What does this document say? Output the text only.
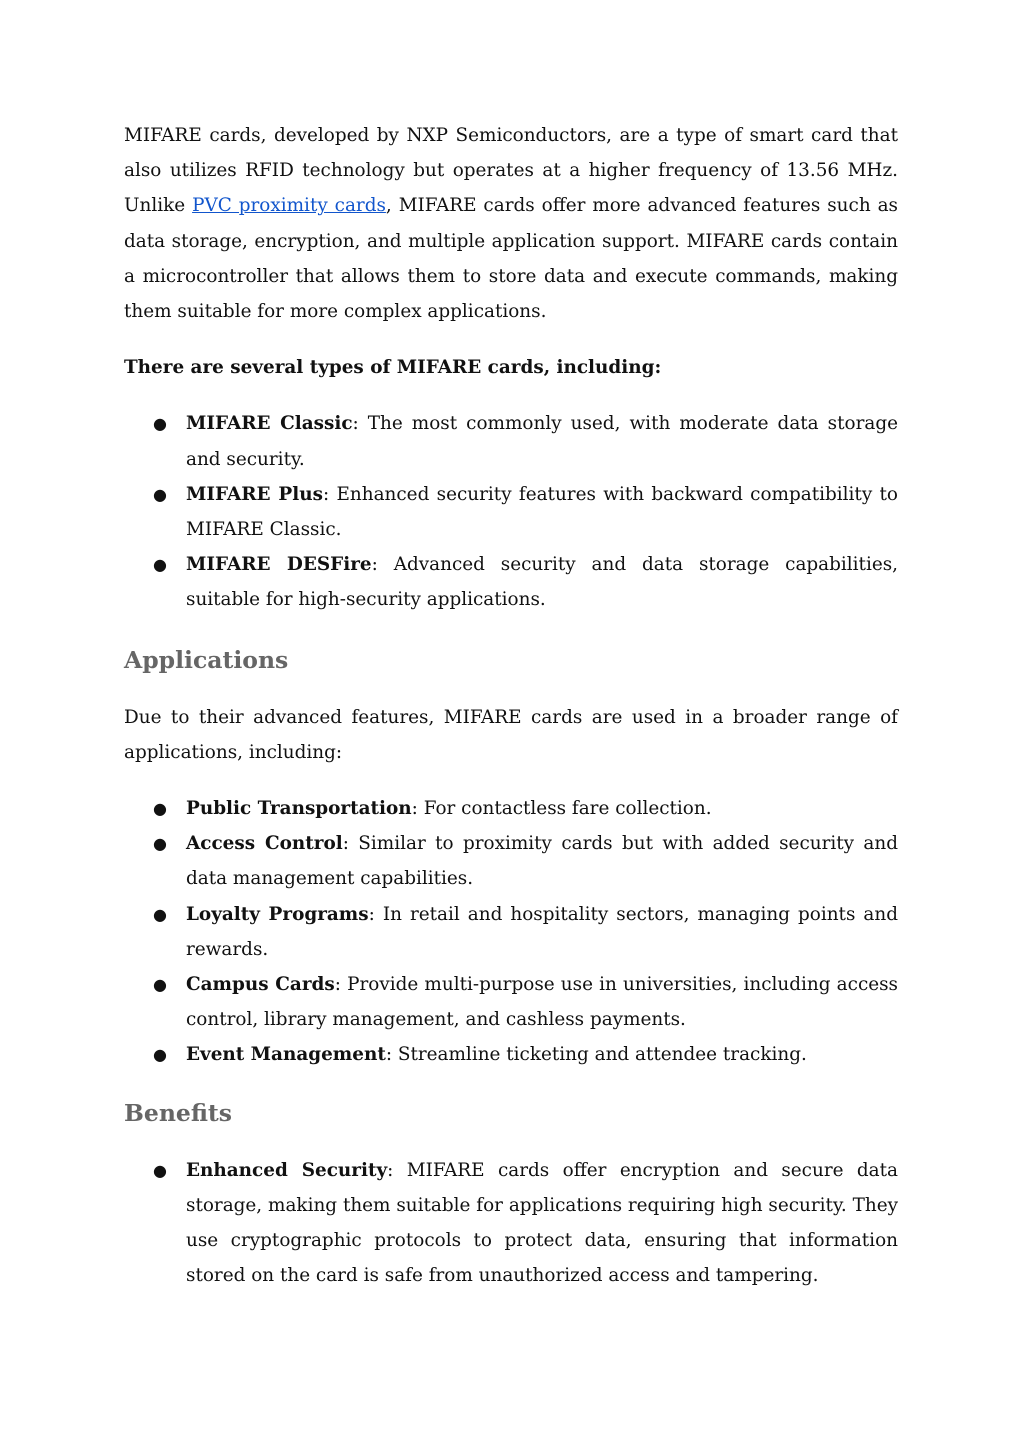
MIFARE cards, developed by NXP Semiconductors, are a type of smart card that also utilizes RFID technology but operates at a higher frequency of 13.56 MHz. Unlike PVC proximity cards, MIFARE cards offer more advanced features such as data storage, encryption, and multiple application support. MIFARE cards contain a microcontroller that allows them to store data and execute commands, making them suitable for more complex applications.

There are several types of MIFARE cards, including:

● MIFARE Classic: The most commonly used, with moderate data storage and security.
● MIFARE Plus: Enhanced security features with backward compatibility to MIFARE Classic.
● MIFARE DESFire: Advanced security and data storage capabilities, suitable for high-security applications.
Applications

Due to their advanced features, MIFARE cards are used in a broader range of applications, including:

● Public Transportation: For contactless fare collection.
● Access Control: Similar to proximity cards but with added security and data management capabilities.
● Loyalty Programs: In retail and hospitality sectors, managing points and rewards.
● Campus Cards: Provide multi-purpose use in universities, including access control, library management, and cashless payments.
● Event Management: Streamline ticketing and attendee tracking.
Benefits
● Enhanced Security: MIFARE cards offer encryption and secure data storage, making them suitable for applications requiring high security. They use cryptographic protocols to protect data, ensuring that information stored on the card is safe from unauthorized access and tampering.
